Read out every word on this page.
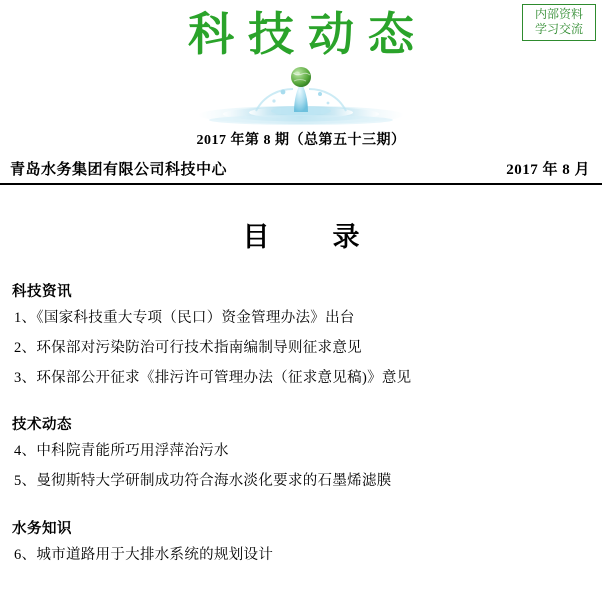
内部资料
学习交流
科技动态
2017 年第 8 期（总第五十三期）
青岛水务集团有限公司科技中心	2017 年 8 月
目　录
科技资讯
1、《国家科技重大专项（民口）资金管理办法》出台
2、环保部对污染防治可行技术指南编制导则征求意见
3、环保部公开征求《排污许可管理办法（征求意见稿)》意见
技术动态
4、中科院青能所巧用浮萍治污水
5、曼彻斯特大学研制成功符合海水淡化要求的石墨烯滤膜
水务知识
6、城市道路用于大排水系统的规划设计
